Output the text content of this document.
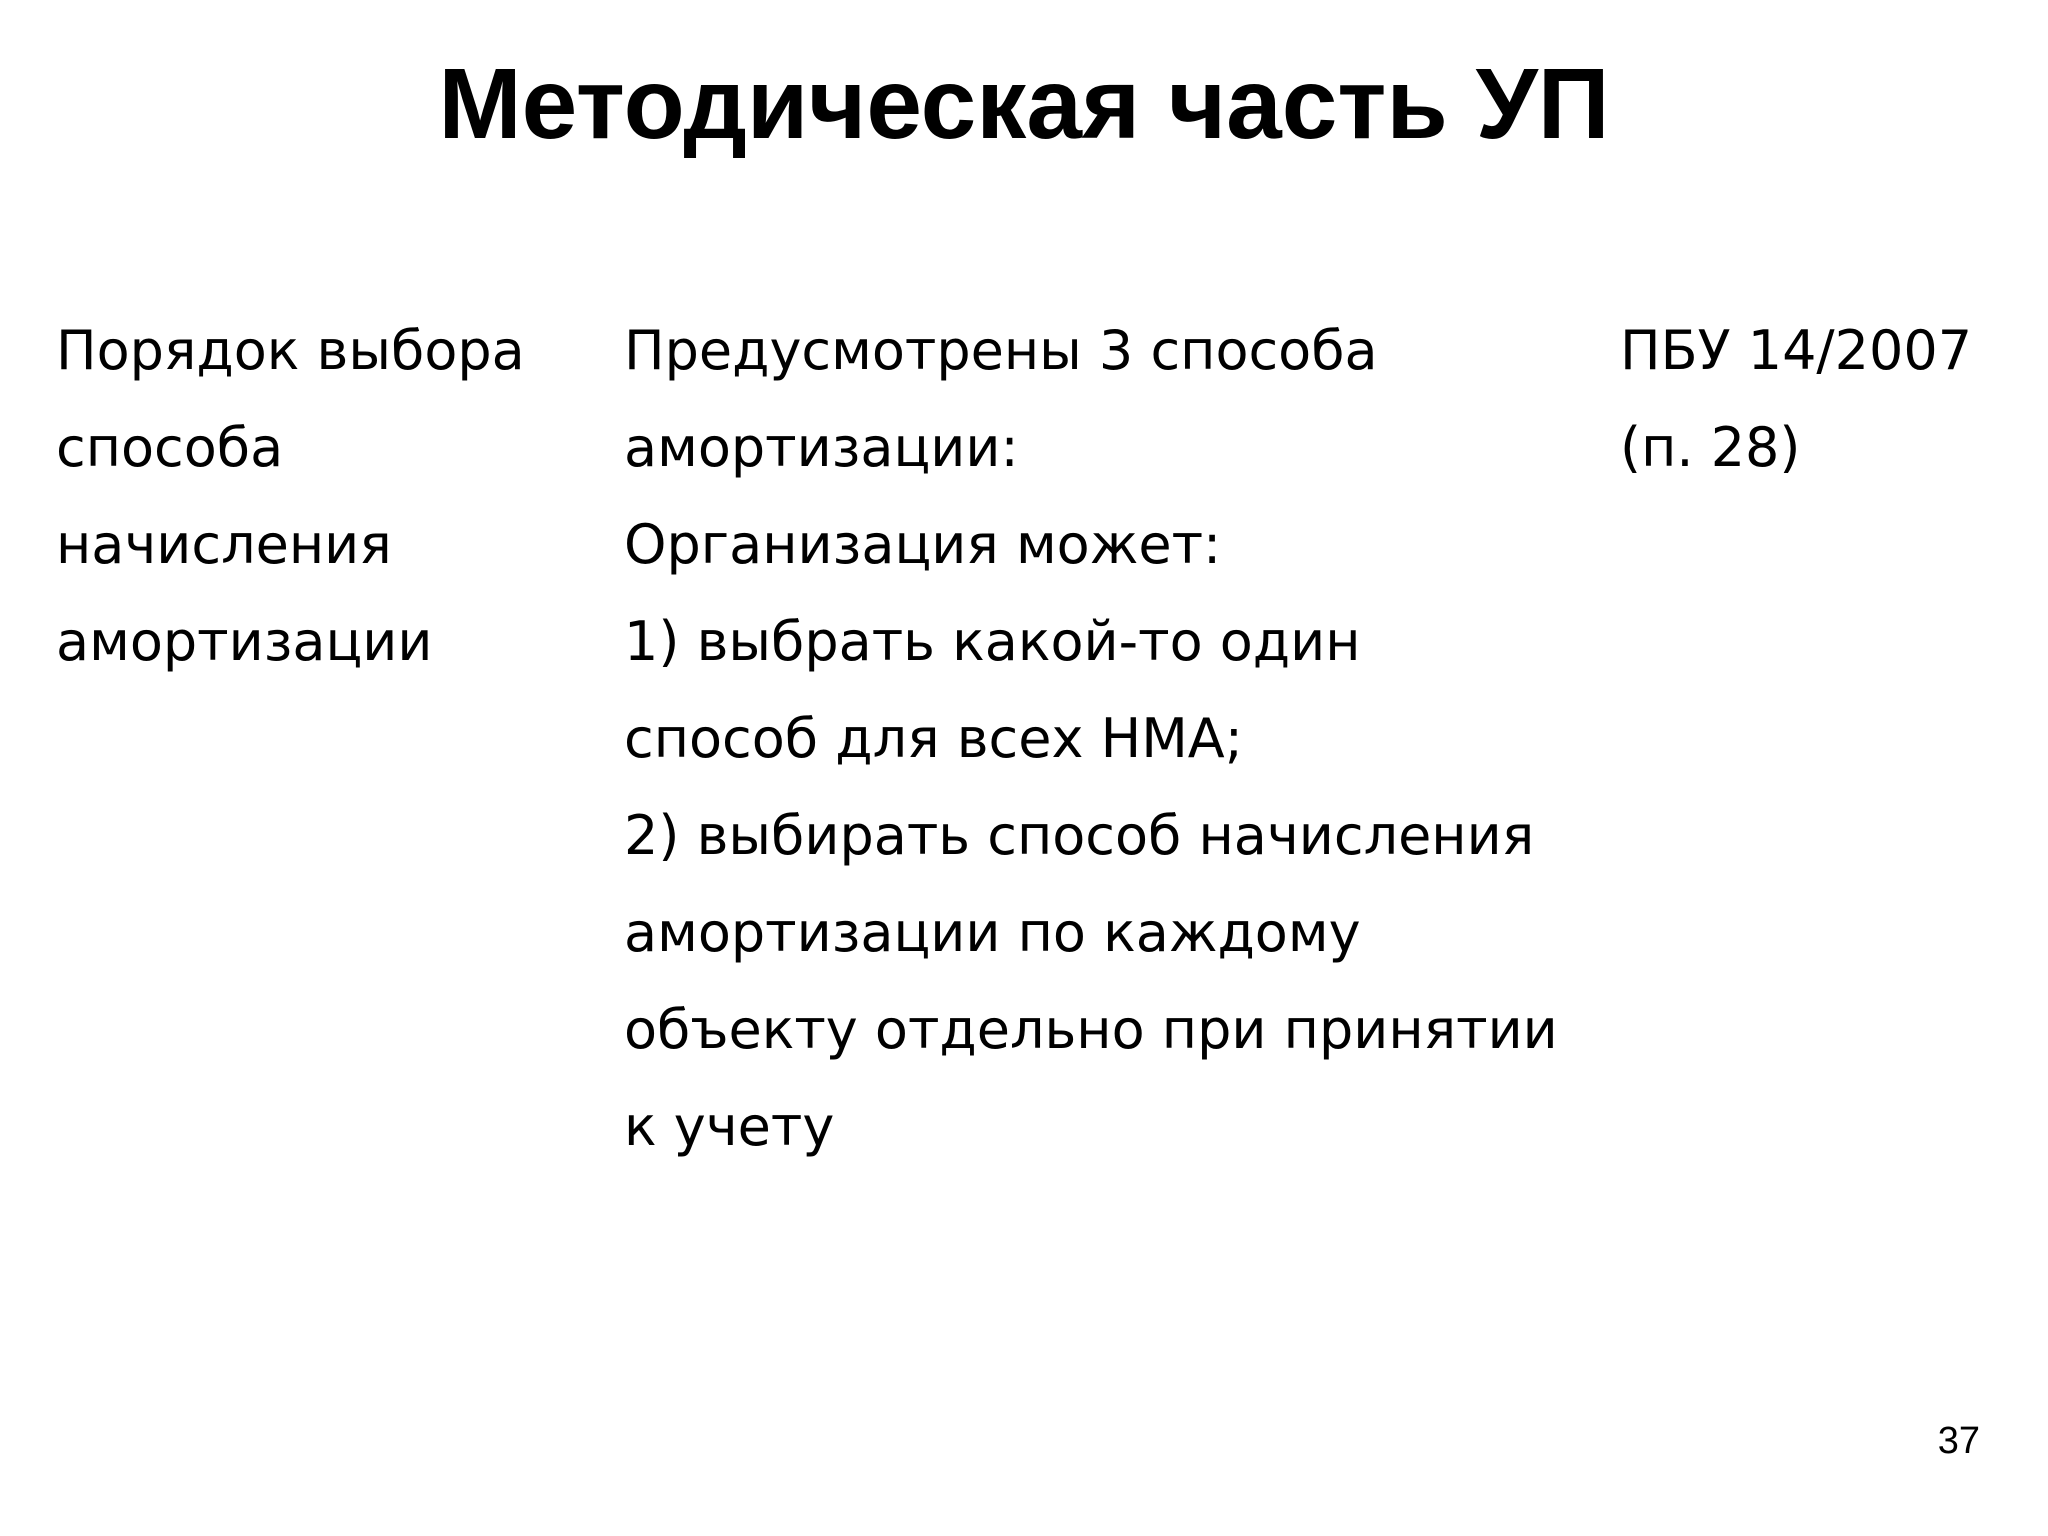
Методическая часть УП
Порядок выбора
способа
начисления
амортизации
Предусмотрены 3 способа
амортизации:
Организация может:
1) выбрать какой-то один
способ для всех НМА;
2) выбирать способ начисления
амортизации по каждому
объекту отдельно при принятии
к учету
ПБУ 14/2007
(п. 28)
37
